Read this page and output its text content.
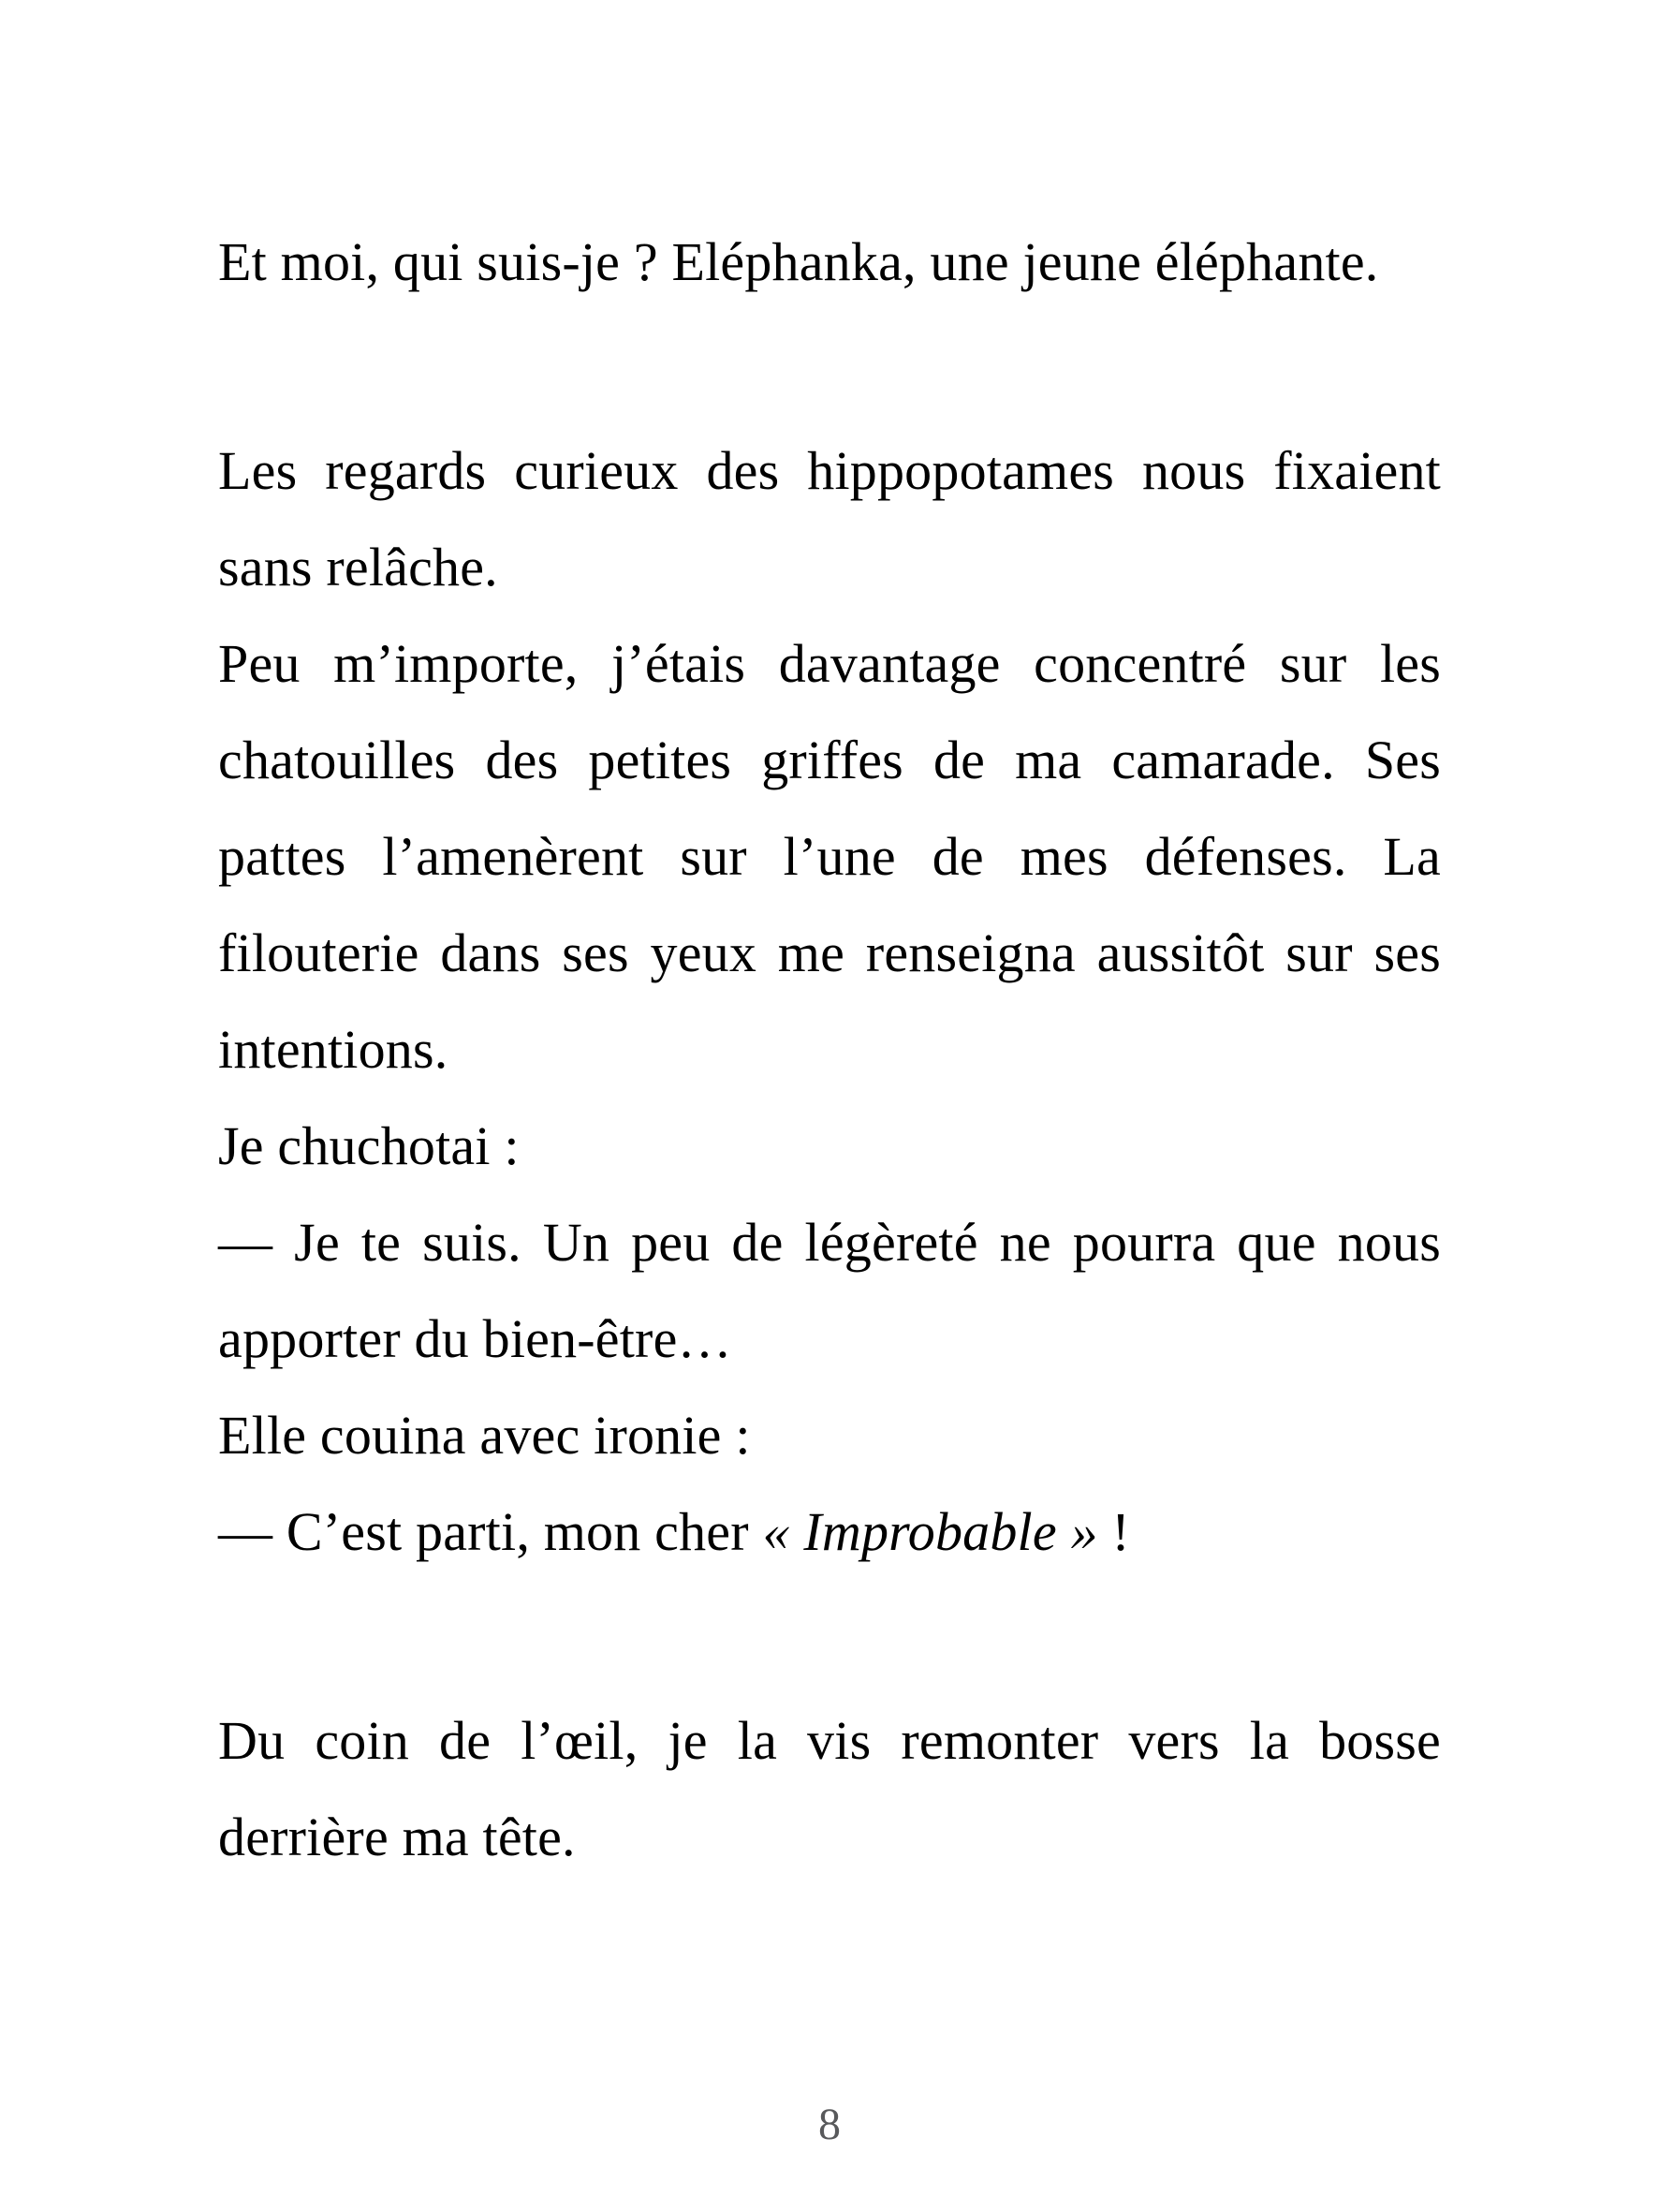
Et moi, qui suis-je ? Eléphanka, une jeune éléphante.

Les regards curieux des hippopotames nous fixaient sans relâche.

Peu m’importe, j’étais davantage concentré sur les chatouilles des petites griffes de ma camarade. Ses pattes l’amenèrent sur l’une de mes défenses. La filouterie dans ses yeux me renseigna aussitôt sur ses intentions.

Je chuchotai :

— Je te suis. Un peu de légèreté ne pourra que nous apporter du bien-être…

Elle couina avec ironie :

— C’est parti, mon cher « Improbable » !

Du coin de l’œil, je la vis remonter vers la bosse derrière ma tête.

8
